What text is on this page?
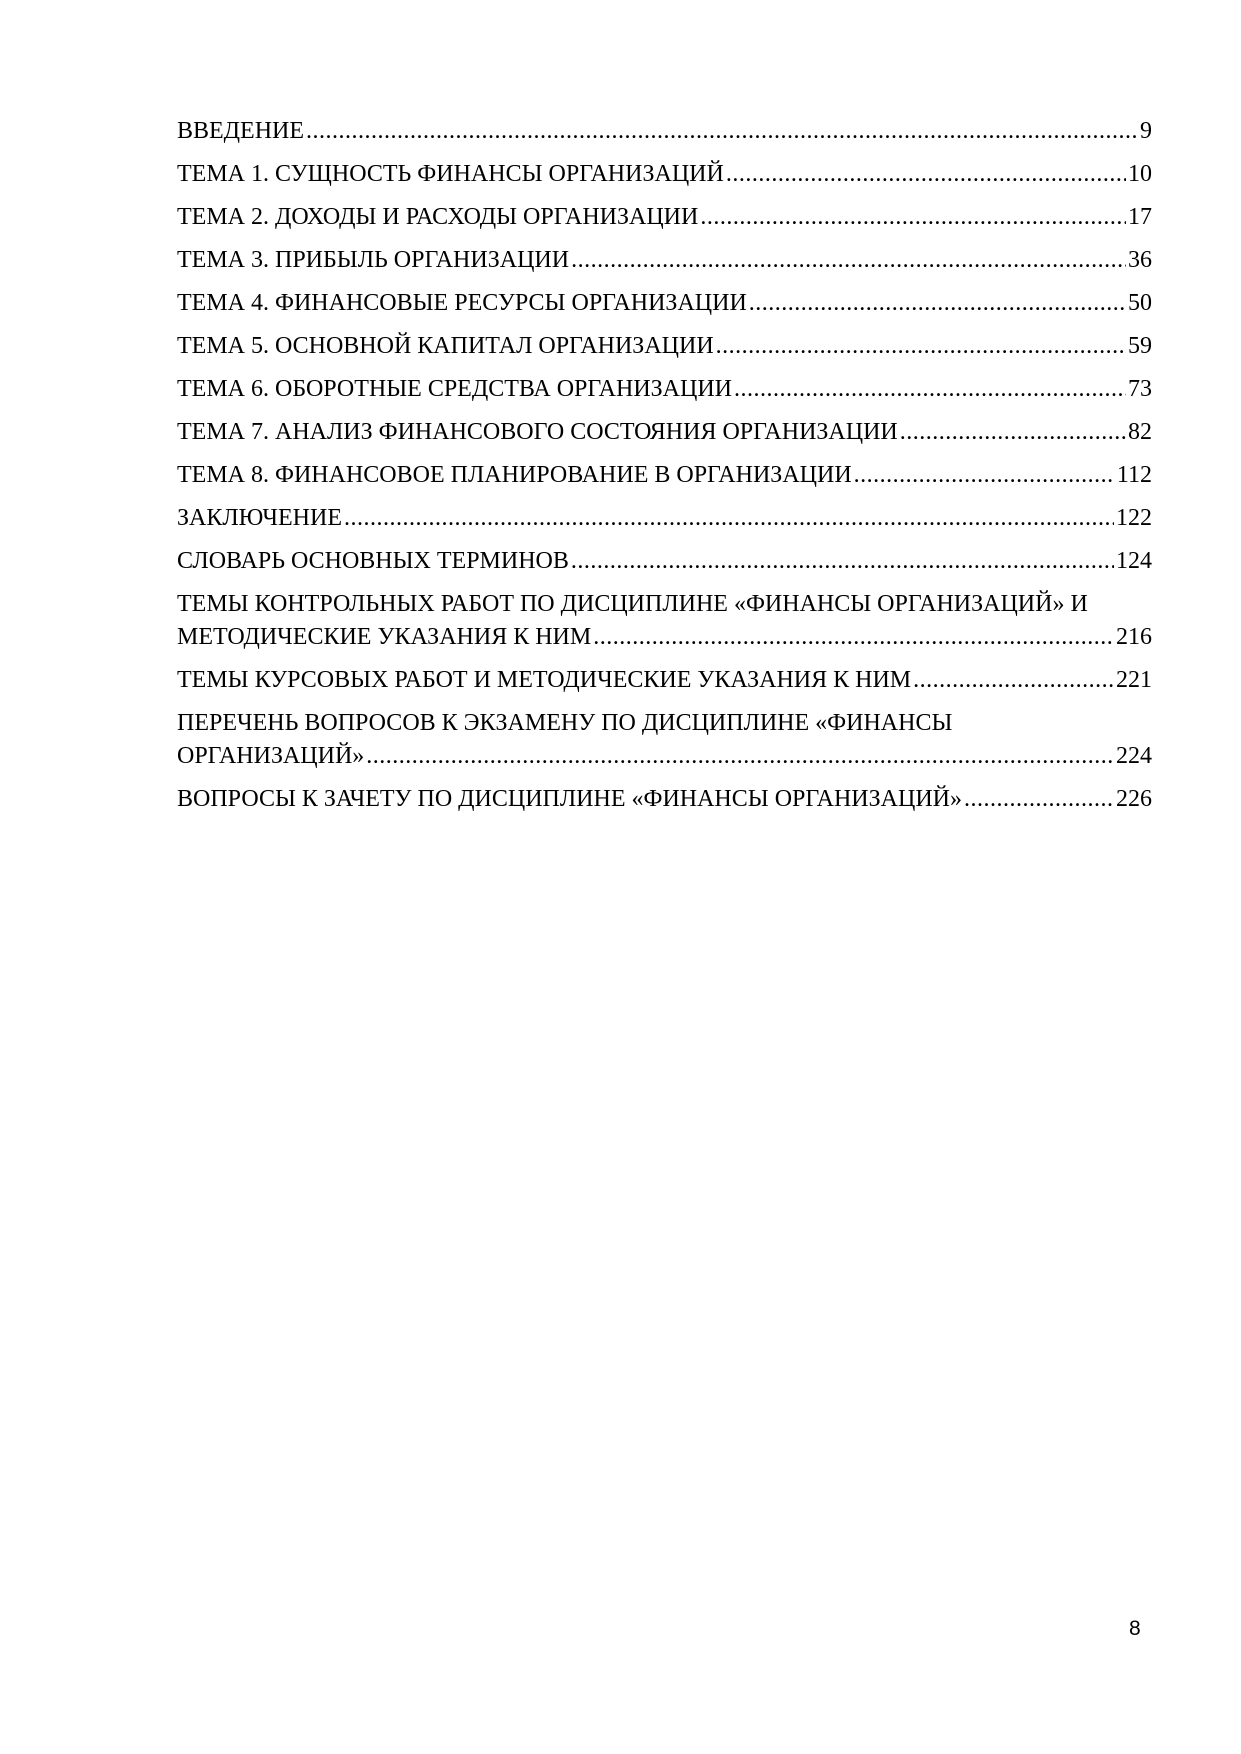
ВВЕДЕНИЕ .....	9
ТЕМА 1. СУЩНОСТЬ ФИНАНСЫ ОРГАНИЗАЦИЙ .....	10
ТЕМА 2. ДОХОДЫ И РАСХОДЫ ОРГАНИЗАЦИИ .....	17
ТЕМА 3. ПРИБЫЛЬ ОРГАНИЗАЦИИ .....	36
ТЕМА 4. ФИНАНСОВЫЕ РЕСУРСЫ ОРГАНИЗАЦИИ .....	50
ТЕМА 5. ОСНОВНОЙ КАПИТАЛ ОРГАНИЗАЦИИ .....	59
ТЕМА 6. ОБОРОТНЫЕ СРЕДСТВА ОРГАНИЗАЦИИ .....	73
ТЕМА 7. АНАЛИЗ ФИНАНСОВОГО СОСТОЯНИЯ ОРГАНИЗАЦИИ .....	82
ТЕМА 8. ФИНАНСОВОЕ ПЛАНИРОВАНИЕ В ОРГАНИЗАЦИИ .....	112
ЗАКЛЮЧЕНИЕ .....	122
СЛОВАРЬ ОСНОВНЫХ ТЕРМИНОВ .....	124
ТЕМЫ КОНТРОЛЬНЫХ РАБОТ ПО ДИСЦИПЛИНЕ «ФИНАНСЫ ОРГАНИЗАЦИЙ» И
МЕТОДИЧЕСКИЕ УКАЗАНИЯ К НИМ .....	216
ТЕМЫ КУРСОВЫХ РАБОТ И МЕТОДИЧЕСКИЕ УКАЗАНИЯ К НИМ .....	221
ПЕРЕЧЕНЬ ВОПРОСОВ К ЭКЗАМЕНУ ПО ДИСЦИПЛИНЕ «ФИНАНСЫ
ОРГАНИЗАЦИЙ» .....	224
ВОПРОСЫ К ЗАЧЕТУ ПО ДИСЦИПЛИНЕ «ФИНАНСЫ ОРГАНИЗАЦИЙ» .....	226
8
